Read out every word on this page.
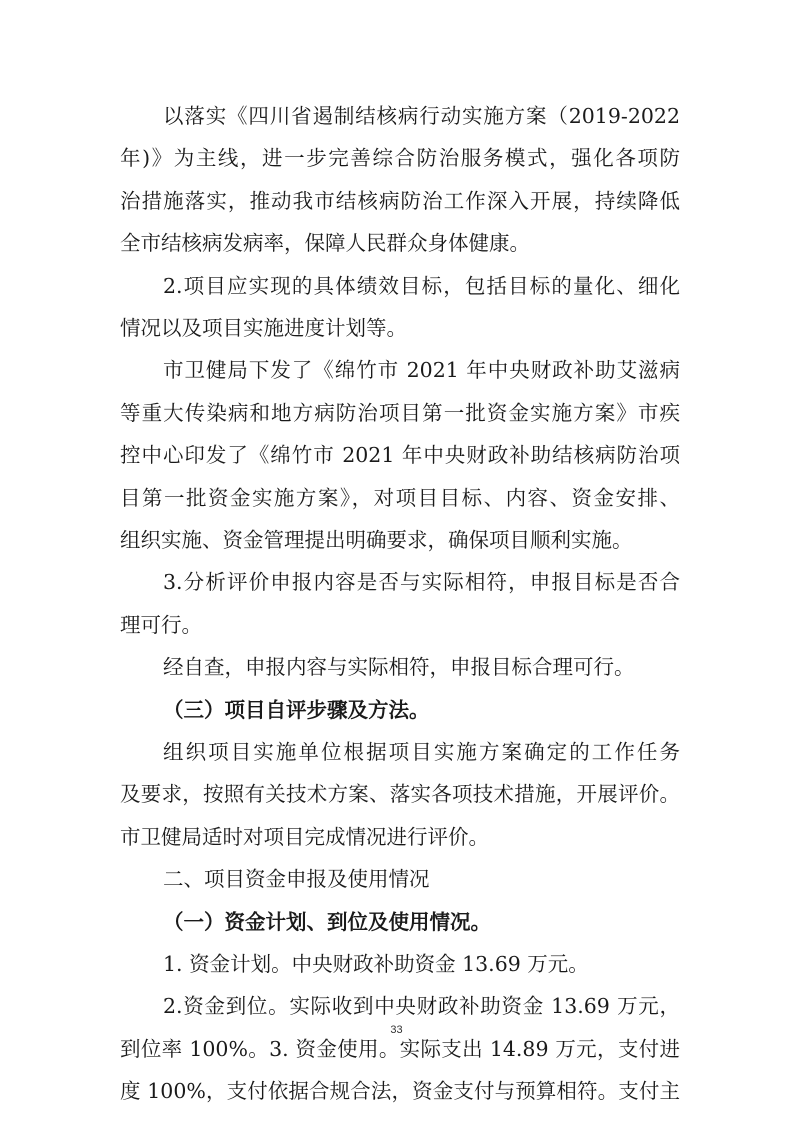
以落实《四川省遏制结核病行动实施方案（2019-2022
年)》为主线，进一步完善综合防治服务模式，强化各项防
治措施落实，推动我市结核病防治工作深入开展，持续降低
全市结核病发病率，保障人民群众身体健康。
2.项目应实现的具体绩效目标，包括目标的量化、细化
情况以及项目实施进度计划等。
市卫健局下发了《绵竹市 2021 年中央财政补助艾滋病
等重大传染病和地方病防治项目第一批资金实施方案》市疾
控中心印发了《绵竹市 2021 年中央财政补助结核病防治项
目第一批资金实施方案》，对项目目标、内容、资金安排、
组织实施、资金管理提出明确要求，确保项目顺利实施。
3.分析评价申报内容是否与实际相符，申报目标是否合
理可行。
经自查，申报内容与实际相符，申报目标合理可行。
（三）项目自评步骤及方法。
组织项目实施单位根据项目实施方案确定的工作任务
及要求，按照有关技术方案、落实各项技术措施，开展评价。
市卫健局适时对项目完成情况进行评价。
二、项目资金申报及使用情况
（一）资金计划、到位及使用情况。
1. 资金计划。中央财政补助资金 13.69 万元。
2.资金到位。实际收到中央财政补助资金 13.69 万元，
到位率 100%。3. 资金使用。实际支出 14.89 万元，支付进
度 100%，支付依据合规合法，资金支付与预算相符。支付主
33
